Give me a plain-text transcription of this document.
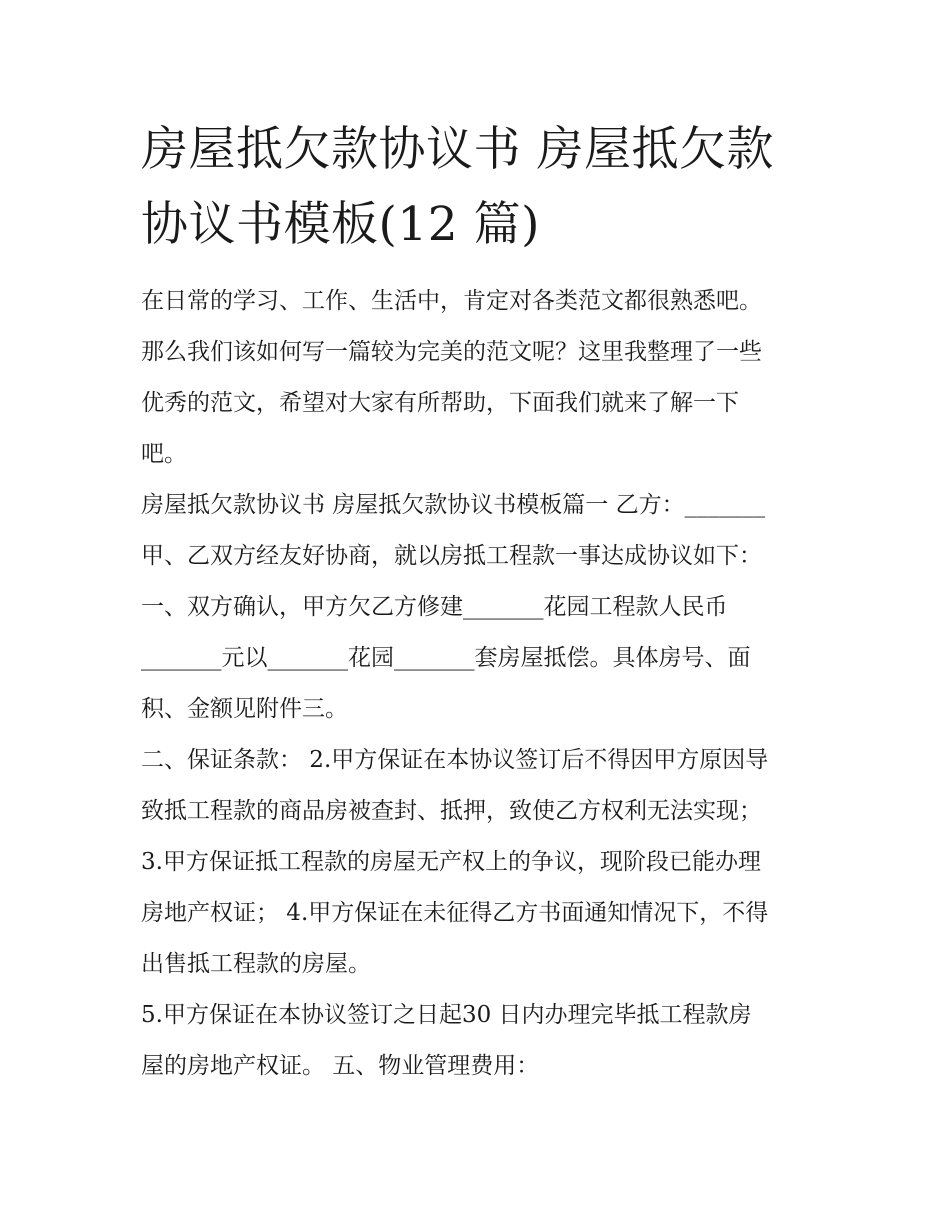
房屋抵欠款协议书 房屋抵欠款
协议书模板(12 篇)
在日常的学习、工作、生活中，肯定对各类范文都很熟悉吧。
那么我们该如何写一篇较为完美的范文呢？这里我整理了一些
优秀的范文，希望对大家有所帮助，下面我们就来了解一下
吧。
房屋抵欠款协议书 房屋抵欠款协议书模板篇一 乙方：_______
甲、乙双方经友好协商，就以房抵工程款一事达成协议如下：
一、双方确认，甲方欠乙方修建_______花园工程款人民币
_______元以_______花园_______套房屋抵偿。具体房号、面
积、金额见附件三。
二、保证条款： 2.甲方保证在本协议签订后不得因甲方原因导
致抵工程款的商品房被查封、抵押，致使乙方权利无法实现；
3.甲方保证抵工程款的房屋无产权上的争议，现阶段已能办理
房地产权证； 4.甲方保证在未征得乙方书面通知情况下，不得
出售抵工程款的房屋。
5.甲方保证在本协议签订之日起30 日内办理完毕抵工程款房
屋的房地产权证。 五、物业管理费用：
